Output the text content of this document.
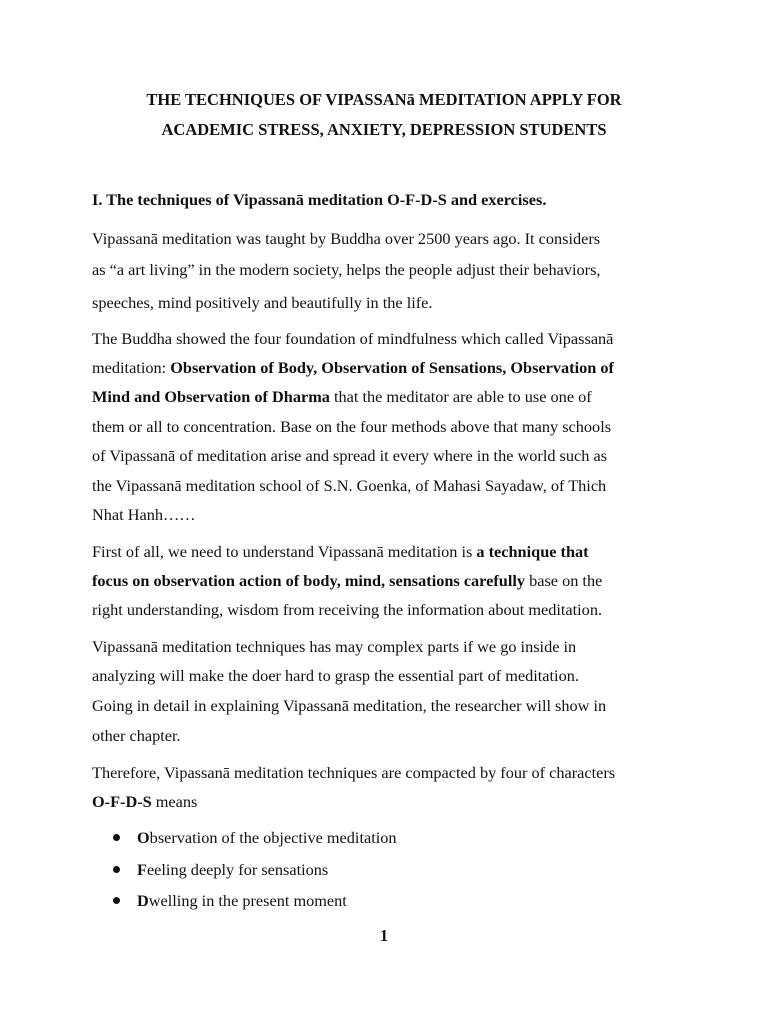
THE TECHNIQUES OF VIPASSANā MEDITATION APPLY FOR
ACADEMIC STRESS, ANXIETY, DEPRESSION STUDENTS
I. The techniques of Vipassanā meditation O-F-D-S and exercises.
Vipassanā meditation was taught by Buddha over 2500 years ago. It considers
as “a art living” in the modern society, helps the people adjust their behaviors,
speeches, mind positively and beautifully in the life.
The Buddha showed the four foundation of mindfulness which called Vipassanā
meditation: Observation of Body, Observation of Sensations, Observation of
Mind and Observation of Dharma that the meditator are able to use one of
them or all to concentration. Base on the four methods above that many schools
of Vipassanā of meditation arise and spread it every where in the world such as
the Vipassanā meditation school of S.N. Goenka, of Mahasi Sayadaw, of Thich
Nhat Hanh……
First of all, we need to understand Vipassanā meditation is a technique that
focus on observation action of body, mind, sensations carefully base on the
right understanding, wisdom from receiving the information about meditation.
Vipassanā meditation techniques has may complex parts if we go inside in
analyzing will make the doer hard to grasp the essential part of meditation.
Going in detail in explaining Vipassanā meditation, the researcher will show in
other chapter.
Therefore, Vipassanā meditation techniques are compacted by four of characters
O-F-D-S means
Observation of the objective meditation
Feeling deeply for sensations
Dwelling in the present moment
1
